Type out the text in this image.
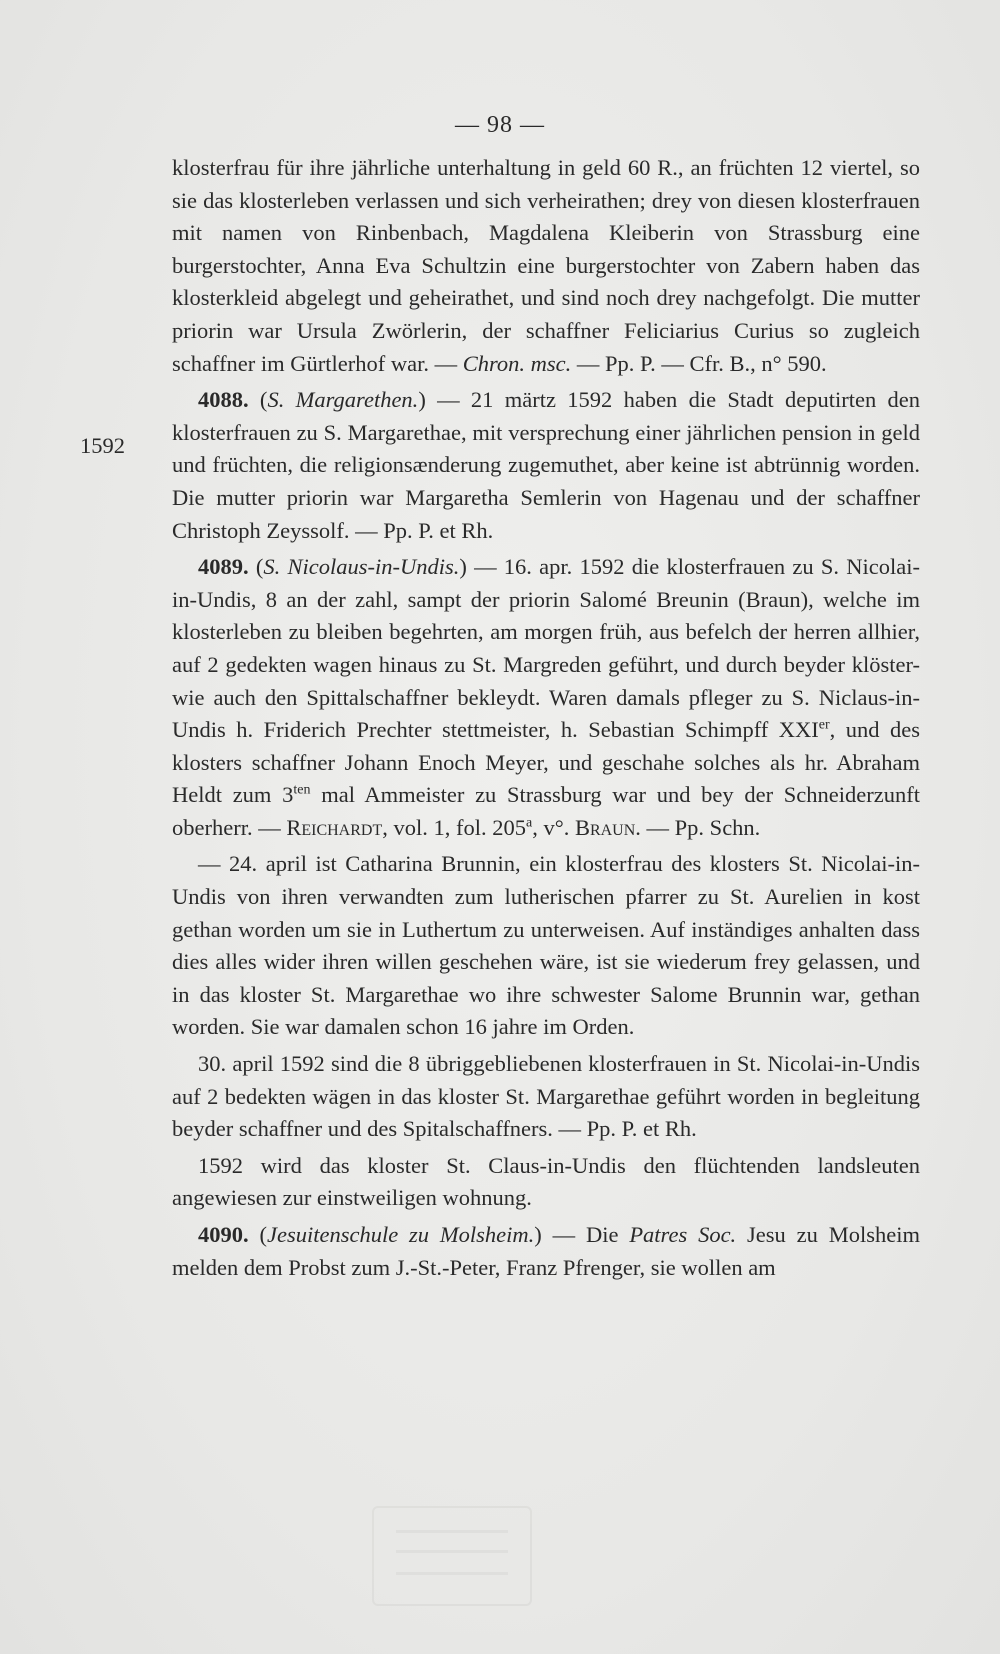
— 98 —
1592

klosterfrau für ihre jährliche unterhaltung in geld 60 R., an früchten 12 viertel, so sie das klosterleben verlassen und sich verheirathen; drey von diesen klosterfrauen mit namen von Rinbenbach, Magdalena Kleiberin von Strassburg eine burgerstochter, Anna Eva Schultzin eine burgerstochter von Zabern haben das klosterkleid abgelegt und geheirathet, und sind noch drey nachgefolgt. Die mutter priorin war Ursula Zwörlerin, der schaffner Feliciarius Curius so zugleich schaffner im Gürtlerhof war. — Chron. msc. — Pp. P. — Cfr. B., n° 590.

4088. (S. Margarethen.) — 21 märtz 1592 haben die Stadt deputirten den klosterfrauen zu S. Margarethae, mit versprechung einer jährlichen pension in geld und früchten, die religionsænderung zugemuthet, aber keine ist abtrünnig worden. Die mutter priorin war Margaretha Semlerin von Hagenau und der schaffner Christoph Zeyssolf. — Pp. P. et Rh.

4089. (S. Nicolaus-in-Undis.) — 16. apr. 1592 die klosterfrauen zu S. Nicolai-in-Undis, 8 an der zahl, sampt der priorin Salomé Breunin (Braun), welche im klosterleben zu bleiben begehrten, am morgen früh, aus befelch der herren allhier, auf 2 gedekten wagen hinaus zu St. Margreden geführt, und durch beyder klöster- wie auch den Spittalschaffner bekleydt. Waren damals pfleger zu S. Niclaus-in-Undis h. Friderich Prechter stettmeister, h. Sebastian Schimpff XXIer, und des klosters schaffner Johann Enoch Meyer, und geschahe solches als hr. Abraham Heldt zum $3^{ten}$ mal Ammeister zu Strassburg war und bey der Schneiderzunft oberherr. — Reichardt, vol. 1, fol. 205$^a$, v°. Braun. — Pp. Schn.

— 24. april ist Catharina Brunnin, ein klosterfrau des klosters St. Nicolai-in-Undis von ihren verwandten zum lutherischen pfarrer zu St. Aurelien in kost gethan worden um sie in Luthertum zu unterweisen. Auf inständiges anhalten dass dies alles wider ihren willen geschehen wäre, ist sie wiederum frey gelassen, und in das kloster St. Margarethae wo ihre schwester Salome Brunnin war, gethan worden. Sie war damalen schon 16 jahre im Orden.

30. april 1592 sind die 8 übriggebliebenen klosterfrauen in St. Nicolai-in-Undis auf 2 bedekten wägen in das kloster St. Margarethae geführt worden in begleitung beyder schaffner und des Spitalschaffners. — Pp. P. et Rh.

1592 wird das kloster St. Claus-in-Undis den flüchtenden landsleuten angewiesen zur einstweiligen wohnung.

4090. (Jesuitenschule zu Molsheim.) — Die Patres Soc. Jesu zu Molsheim melden dem Probst zum J.-St.-Peter, Franz Pfrenger, sie wollen am
